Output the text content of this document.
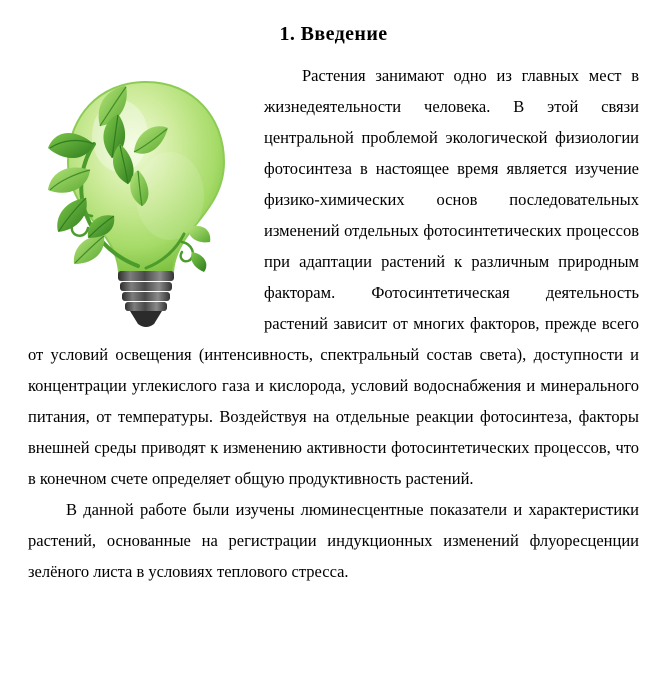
1. Введение

Растения занимают одно из главных мест в жизнедеятельности человека. В этой связи центральной проблемой экологической физиологии фотосинтеза в настоящее время является изучение физико-химических основ последовательных изменений отдельных фотосинтетических процессов при адаптации растений к различным природным факторам. Фотосинтетическая деятельность растений зависит от многих факторов, прежде всего от условий освещения (интенсивность, спектральный состав света), доступности и концентрации углекислого газа и кислорода, условий водоснабжения и минерального питания, от температуры. Воздействуя на отдельные реакции фотосинтеза, факторы внешней среды приводят к изменению активности фотосинтетических процессов, что в конечном счете определяет общую продуктивность растений.

В данной работе были изучены люминесцентные показатели и характеристики растений, основанные на регистрации индукционных изменений флуоресценции зелёного листа в условиях теплового стресса.
